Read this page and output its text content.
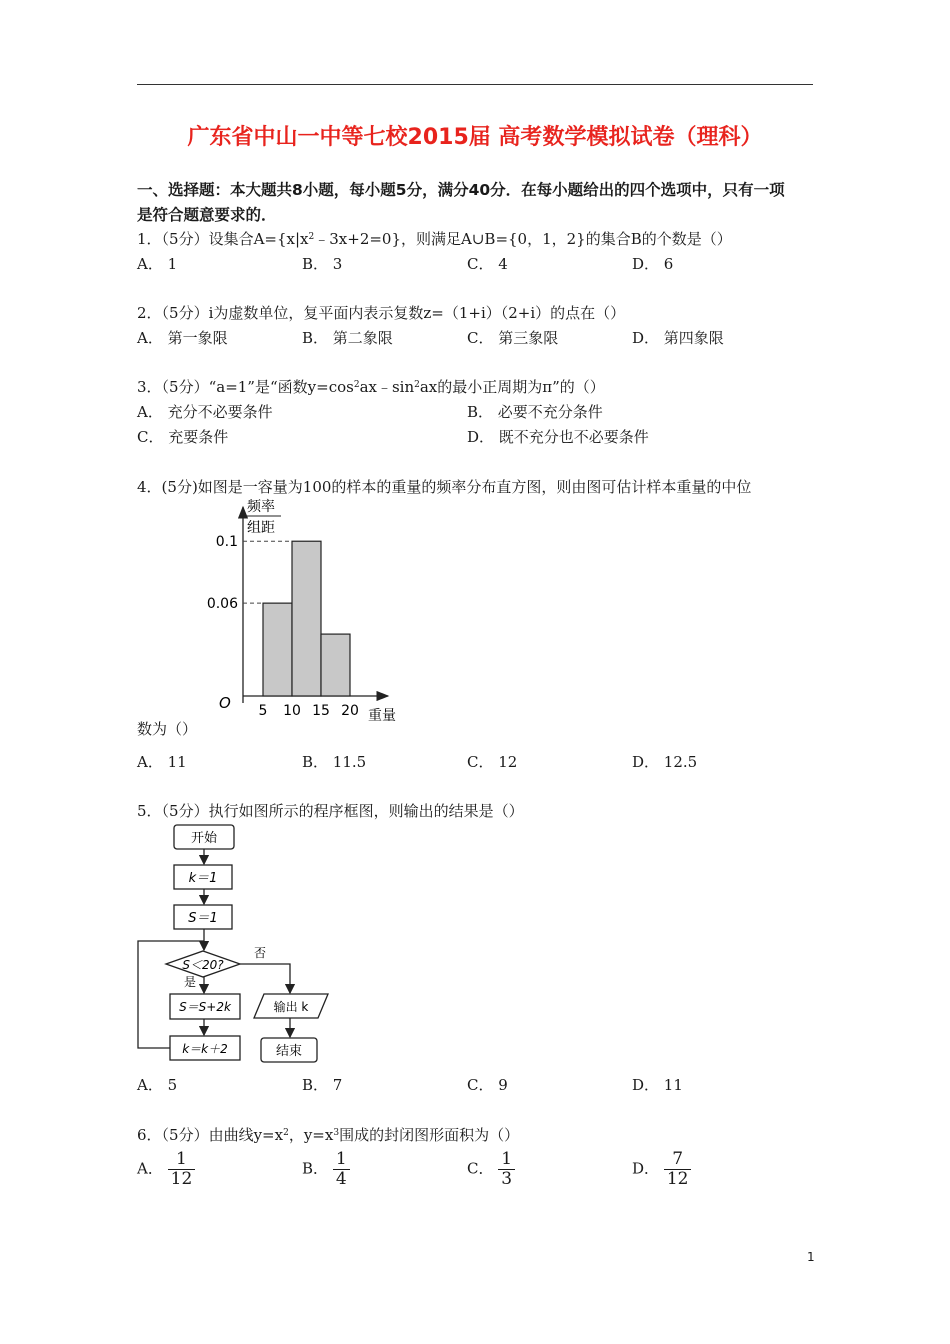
广东省中山一中等七校2015届 高考数学模拟试卷（理科）
一、选择题：本大题共8小题，每小题5分，满分40分．在每小题给出的四个选项中，只有一项
是符合题意要求的．
1．（5分）设集合$A=\{x|x^2﹣3x+2=0\}$，则满足A∪B={0，1，2}的集合B的个数是（）
A． 1	B． 3	C． 4	D． 6
2．（5分）i为虚数单位，复平面内表示复数z=（1+i）（2+i）的点在（）
A． 第一象限	B． 第二象限	C． 第三象限	D． 第四象限
3．（5分）“a=1”是“函数$y=\cos^2ax﹣\sin^2ax$的最小正周期为π”的（）
A． 充分不必要条件	B． 必要不充分条件
C． 充要条件	D． 既不充分也不必要条件
4．(5分)如图是一容量为100的样本的重量的频率分布直方图，则由图可估计样本重量的中位
频率
组距
0.06
0.1
5 10 15 20
O
重量
数为（）
A． 11	B． 11.5	C． 12	D． 12.5
5．（5分）执行如图所示的程序框图，则输出的结果是（）
开始
k＝1
S＝1
S＜20?
是
否
S＝S+2k
k＝k＋2
输出 k
结束
A． 5	B． 7	C． 9	D． 11
6．（5分）由曲线$y=x^2$，$y=x^3$围成的封闭图形面积为（）
A． $\frac{1}{12}$	B． $\frac{1}{4}$	C． $\frac{1}{3}$	D． $\frac{7}{12}$
1
